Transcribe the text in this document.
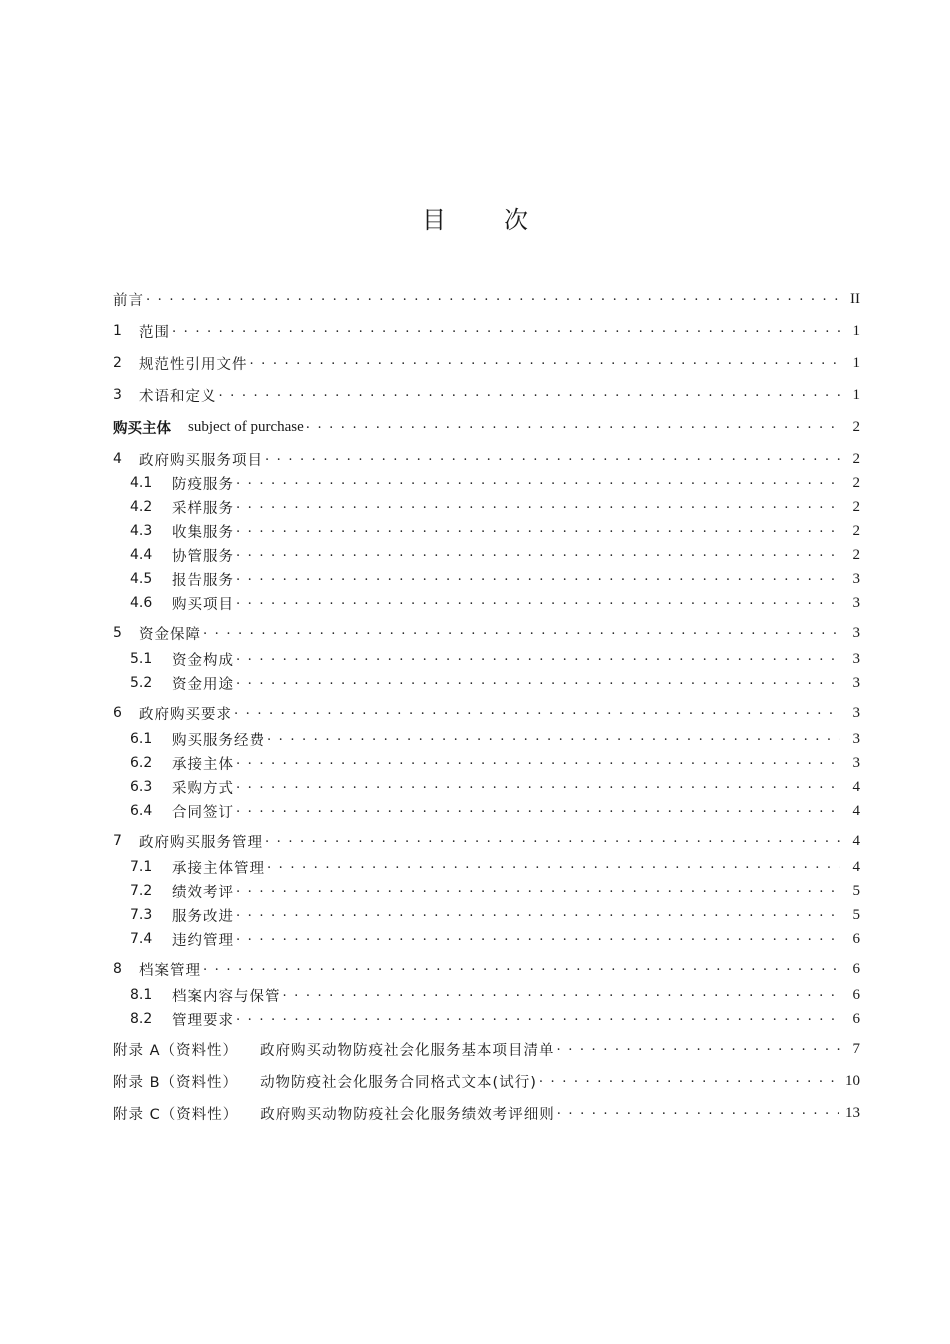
目 次
前言 . . .	II
1	范围 . . .	1
2	规范性引用文件 . . .	1
3	术语和定义 . . .	1
购买主体 subject of purchase . . .	2
4	政府购买服务项目 . . .	2
4.1	防疫服务 . . .	2
4.2	采样服务 . . .	2
4.3	收集服务 . . .	2
4.4	协管服务 . . .	2
4.5	报告服务 . . .	3
4.6	购买项目 . . .	3
5	资金保障 . . .	3
5.1	资金构成 . . .	3
5.2	资金用途 . . .	3
6	政府购买要求 . . .	3
6.1	购买服务经费 . . .	3
6.2	承接主体 . . .	3
6.3	采购方式 . . .	4
6.4	合同签订 . . .	4
7	政府购买服务管理 . . .	4
7.1	承接主体管理 . . .	4
7.2	绩效考评 . . .	5
7.3	服务改进 . . .	5
7.4	违约管理 . . .	6
8	档案管理 . . .	6
8.1	档案内容与保管 . . .	6
8.2	管理要求 . . .	6
附录 A（资料性） 政府购买动物防疫社会化服务基本项目清单 . . .	7
附录 B（资料性） 动物防疫社会化服务合同格式文本(试行) . . .	10
附录 C（资料性） 政府购买动物防疫社会化服务绩效考评细则 . . .	13
